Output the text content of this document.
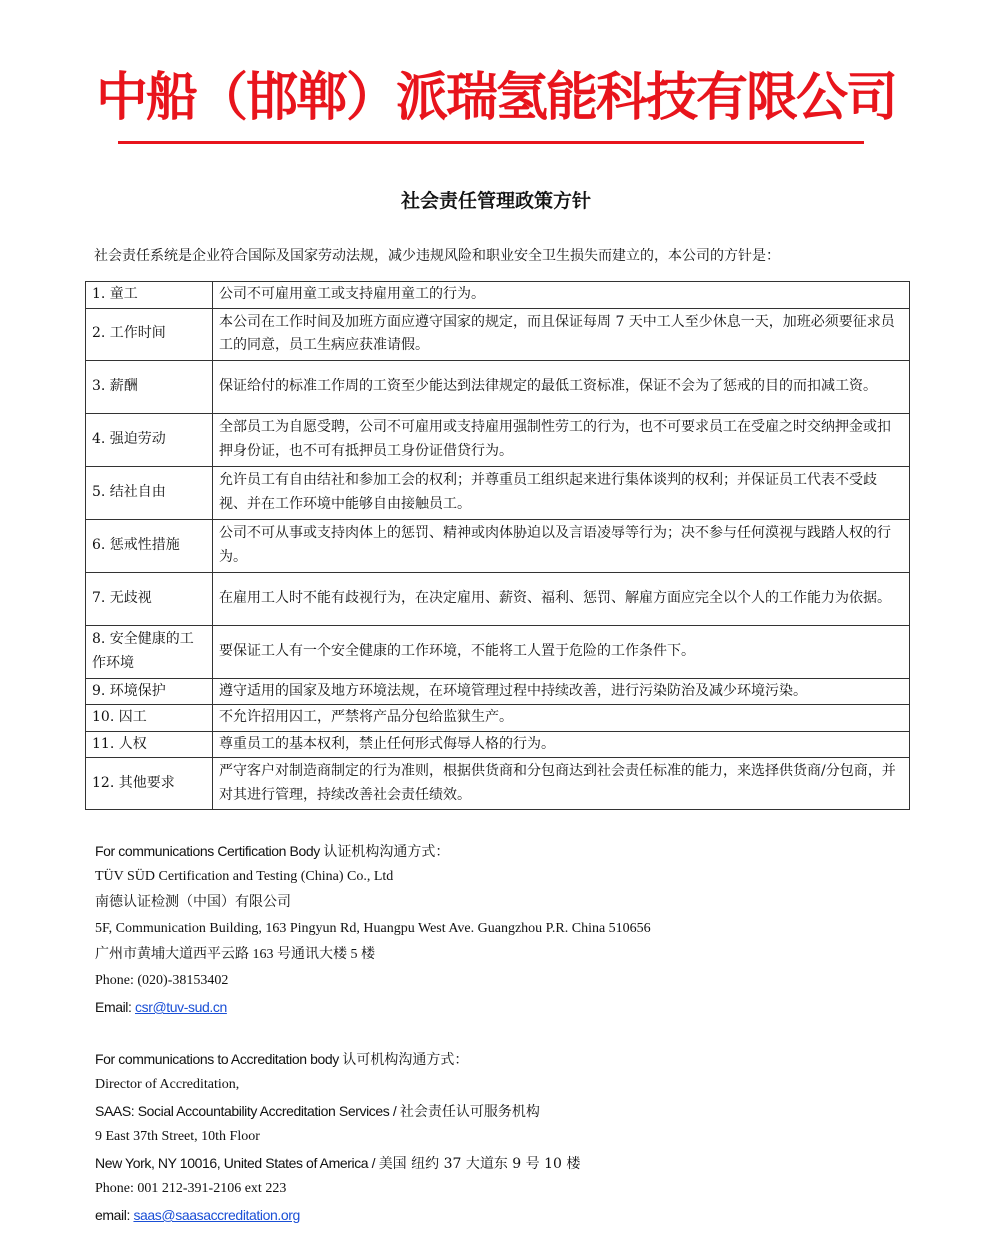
中船（邯郸）派瑞氢能科技有限公司
社会责任管理政策方针
社会责任系统是企业符合国际及国家劳动法规，减少违规风险和职业安全卫生损失而建立的，本公司的方针是：
1. 童工	公司不可雇用童工或支持雇用童工的行为。
2. 工作时间	本公司在工作时间及加班方面应遵守国家的规定，而且保证每周 7 天中工人至少休息一天，加班必须要征求员工的同意，员工生病应获准请假。
3. 薪酬	保证给付的标准工作周的工资至少能达到法律规定的最低工资标准，保证不会为了惩戒的目的而扣减工资。
4. 强迫劳动	全部员工为自愿受聘，公司不可雇用或支持雇用强制性劳工的行为，也不可要求员工在受雇之时交纳押金或扣押身份证，也不可有抵押员工身份证借贷行为。
5. 结社自由	允许员工有自由结社和参加工会的权利；并尊重员工组织起来进行集体谈判的权利；并保证员工代表不受歧视、并在工作环境中能够自由接触员工。
6. 惩戒性措施	公司不可从事或支持肉体上的惩罚、精神或肉体胁迫以及言语凌辱等行为；决不参与任何漠视与践踏人权的行为。
7. 无歧视	在雇用工人时不能有歧视行为，在决定雇用、薪资、福利、惩罚、解雇方面应完全以个人的工作能力为依据。
8. 安全健康的工作环境	要保证工人有一个安全健康的工作环境，不能将工人置于危险的工作条件下。
9. 环境保护	遵守适用的国家及地方环境法规，在环境管理过程中持续改善，进行污染防治及减少环境污染。
10. 囚工	不允许招用囚工，严禁将产品分包给监狱生产。
11. 人权	尊重员工的基本权利，禁止任何形式侮辱人格的行为。
12. 其他要求	严守客户对制造商制定的行为准则，根据供货商和分包商达到社会责任标准的能力，来选择供货商/分包商，并对其进行管理，持续改善社会责任绩效。
For communications Certification Body 认证机构沟通方式：
TÜV SÜD Certification and Testing (China) Co., Ltd
南德认证检测（中国）有限公司
5F, Communication Building, 163 Pingyun Rd, Huangpu West Ave. Guangzhou P.R. China 510656
广州市黄埔大道西平云路 163 号通讯大楼 5 楼
Phone: (020)-38153402
Email: csr@tuv-sud.cn
For communications to Accreditation body 认可机构沟通方式：
Director of Accreditation,
SAAS: Social Accountability Accreditation Services / 社会责任认可服务机构
9 East 37th Street, 10th Floor
New York, NY 10016, United States of America / 美国 纽约 37 大道东 9 号 10 楼
Phone: 001 212-391-2106 ext 223
email: saas@saasaccreditation.org
